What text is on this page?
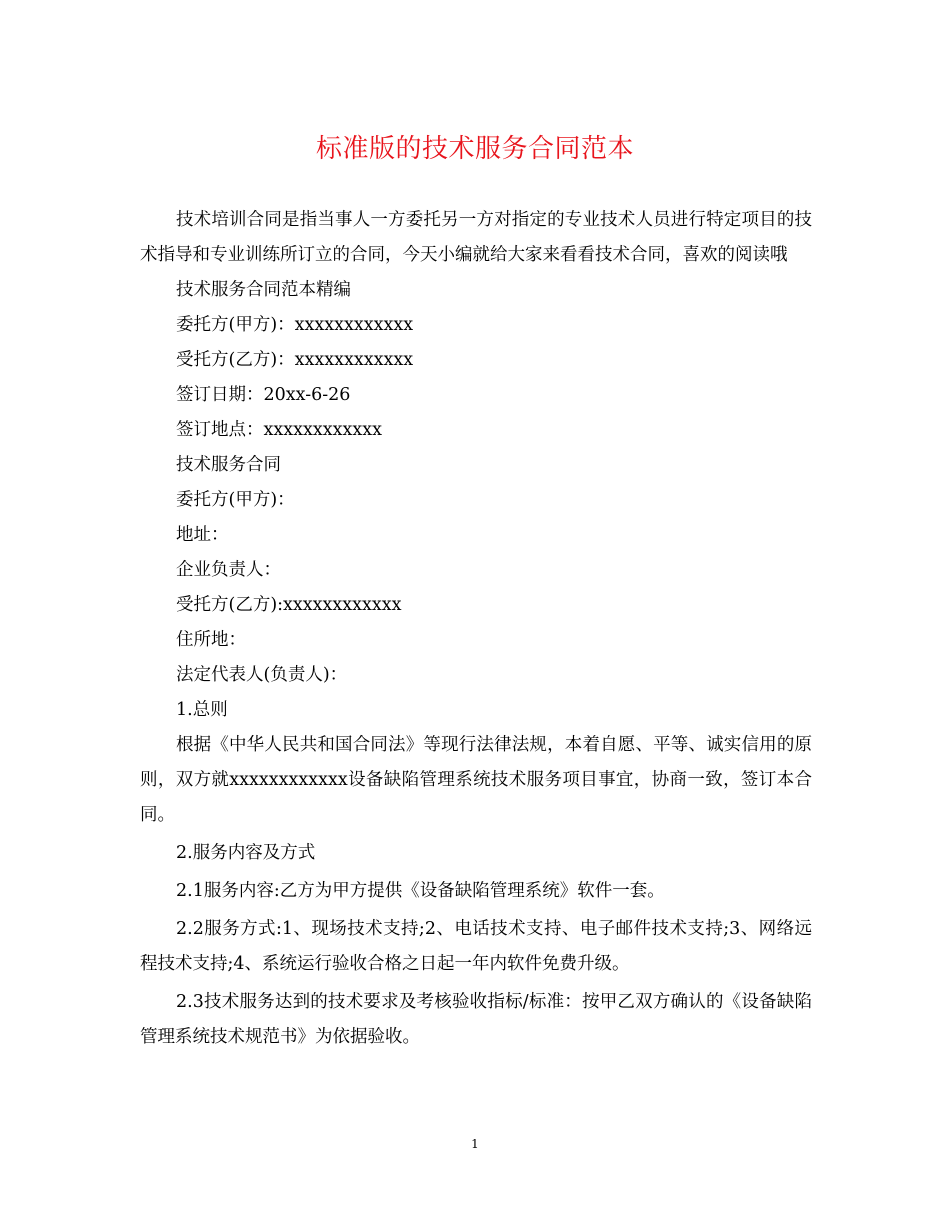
标准版的技术服务合同范本

技术培训合同是指当事人一方委托另一方对指定的专业技术人员进行特定项目的技术指导和专业训练所订立的合同，今天小编就给大家来看看技术合同，喜欢的阅读哦

技术服务合同范本精编

委托方(甲方)：xxxxxxxxxxxx

受托方(乙方)：xxxxxxxxxxxx

签订日期：20xx-6-26

签订地点：xxxxxxxxxxxx

技术服务合同

委托方(甲方)：

地址：

企业负责人：

受托方(乙方):xxxxxxxxxxxx

住所地：

法定代表人(负责人)：

1.总则

根据《中华人民共和国合同法》等现行法律法规，本着自愿、平等、诚实信用的原则，双方就xxxxxxxxxxxx设备缺陷管理系统技术服务项目事宜，协商一致，签订本合同。

2.服务内容及方式

2.1服务内容:乙方为甲方提供《设备缺陷管理系统》软件一套。

2.2服务方式:1、现场技术支持;2、电话技术支持、电子邮件技术支持;3、网络远程技术支持;4、系统运行验收合格之日起一年内软件免费升级。

2.3技术服务达到的技术要求及考核验收指标/标准：按甲乙双方确认的《设备缺陷管理系统技术规范书》为依据验收。

1
